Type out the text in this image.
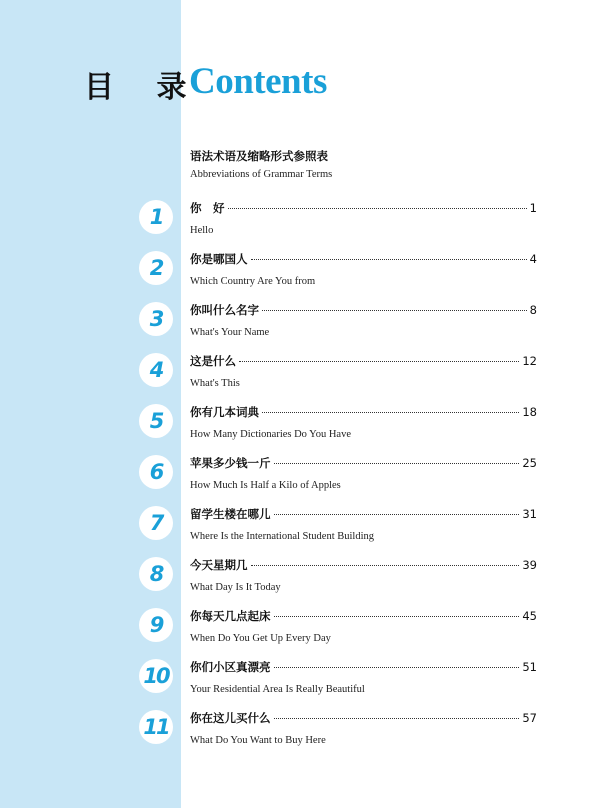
目 录
Contents
语法术语及缩略形式参照表
Abbreviations of Grammar Terms
1 你　好	1
Hello
2 你是哪国人	4
Which Country Are You from
3 你叫什么名字	8
What's Your Name
4 这是什么	12
What's This
5 你有几本词典	18
How Many Dictionaries Do You Have
6 苹果多少钱一斤	25
How Much Is Half a Kilo of Apples
7 留学生楼在哪儿	31
Where Is the International Student Building
8 今天星期几	39
What Day Is It Today
9 你每天几点起床	45
When Do You Get Up Every Day
10 你们小区真漂亮	51
Your Residential Area Is Really Beautiful
11 你在这儿买什么	57
What Do You Want to Buy Here
